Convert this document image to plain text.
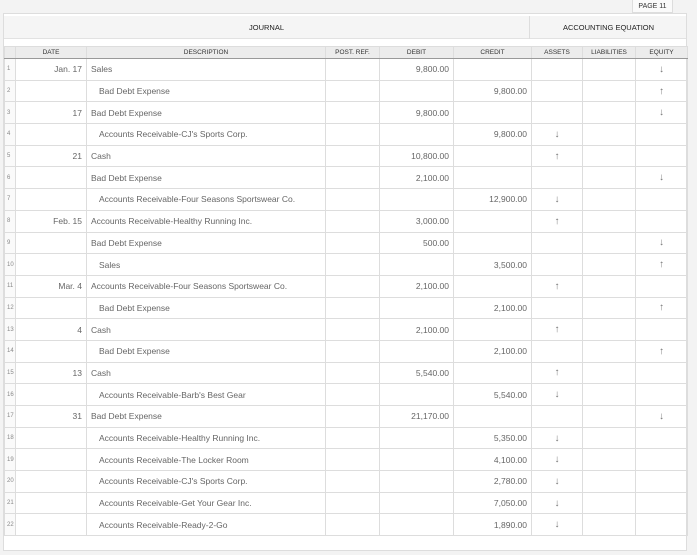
PAGE 11
JOURNAL	ACCOUNTING EQUATION
	DATE	DESCRIPTION	POST. REF.	DEBIT	CREDIT	ASSETS	LIABILITIES	EQUITY
1	Jan. 17	Sales		9,800.00				↓
2		Bad Debt Expense			9,800.00			↑
3	17	Bad Debt Expense		9,800.00				↓
4		Accounts Receivable-CJ's Sports Corp.			9,800.00	↓		
5	21	Cash		10,800.00		↑		
6		Bad Debt Expense		2,100.00				↓
7		Accounts Receivable-Four Seasons Sportswear Co.			12,900.00	↓		
8	Feb. 15	Accounts Receivable-Healthy Running Inc.		3,000.00		↑		
9		Bad Debt Expense		500.00				↓
10		Sales			3,500.00			↑
11	Mar. 4	Accounts Receivable-Four Seasons Sportswear Co.		2,100.00		↑		
12		Bad Debt Expense			2,100.00			↑
13	4	Cash		2,100.00		↑		
14		Bad Debt Expense			2,100.00			↑
15	13	Cash		5,540.00		↑		
16		Accounts Receivable-Barb's Best Gear			5,540.00	↓		
17	31	Bad Debt Expense		21,170.00				↓
18		Accounts Receivable-Healthy Running Inc.			5,350.00	↓		
19		Accounts Receivable-The Locker Room			4,100.00	↓		
20		Accounts Receivable-CJ's Sports Corp.			2,780.00	↓		
21		Accounts Receivable-Get Your Gear Inc.			7,050.00	↓		
22		Accounts Receivable-Ready-2-Go			1,890.00	↓		
